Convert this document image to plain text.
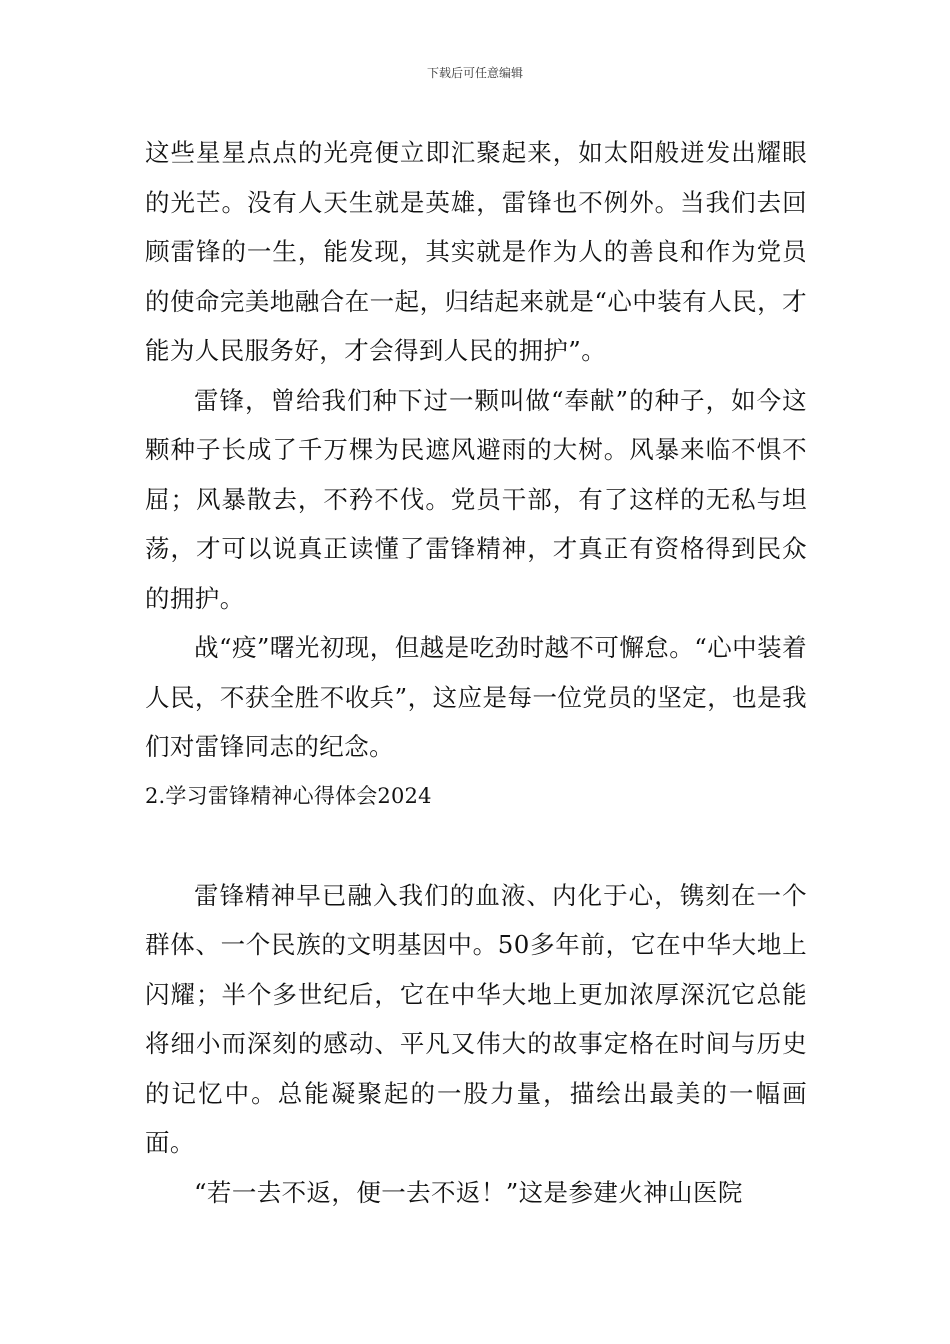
下载后可任意编辑

这些星星点点的光亮便立即汇聚起来，如太阳般迸发出耀眼的光芒。没有人天生就是英雄，雷锋也不例外。当我们去回顾雷锋的一生，能发现，其实就是作为人的善良和作为党员的使命完美地融合在一起，归结起来就是“心中装有人民，才能为人民服务好，才会得到人民的拥护”。

雷锋，曾给我们种下过一颗叫做“奉献”的种子，如今这颗种子长成了千万棵为民遮风避雨的大树。风暴来临不惧不屈；风暴散去，不矜不伐。党员干部，有了这样的无私与坦荡，才可以说真正读懂了雷锋精神，才真正有资格得到民众的拥护。

战“疫”曙光初现，但越是吃劲时越不可懈怠。“心中装着人民，不获全胜不收兵”，这应是每一位党员的坚定，也是我们对雷锋同志的纪念。

2.学习雷锋精神心得体会2024

雷锋精神早已融入我们的血液、内化于心，镌刻在一个群体、一个民族的文明基因中。50多年前，它在中华大地上闪耀；半个多世纪后，它在中华大地上更加浓厚深沉它总能将细小而深刻的感动、平凡又伟大的故事定格在时间与历史的记忆中。总能凝聚起的一股力量，描绘出最美的一幅画面。

“若一去不返，便一去不返！”这是参建火神山医院
